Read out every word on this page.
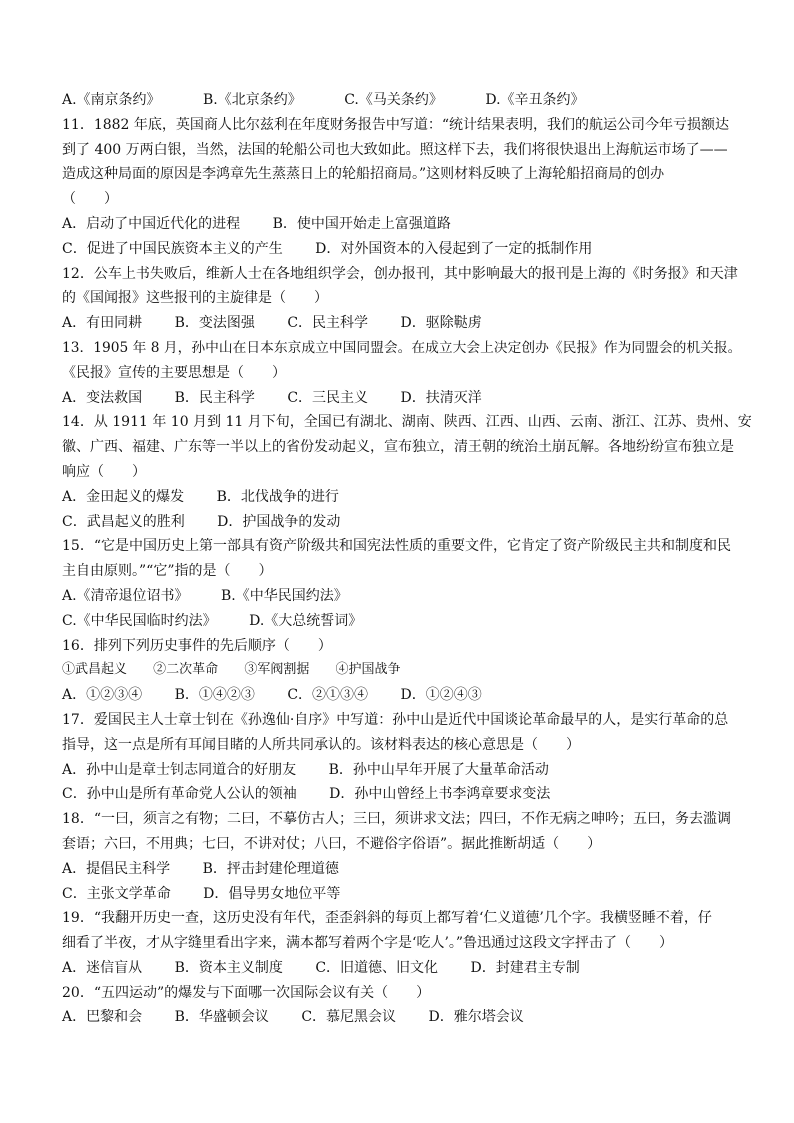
A.《南京条约》	B.《北京条约》	C.《马关条约》	D.《辛丑条约》
11．1882 年底，英国商人比尔兹利在年度财务报告中写道：“统计结果表明，我们的航运公司今年亏损额达
到了 400 万两白银，当然，法国的轮船公司也大致如此。照这样下去，我们将很快退出上海航运市场了——
造成这种局面的原因是李鸿章先生蒸蒸日上的轮船招商局。”这则材料反映了上海轮船招商局的创办
（　　）
A．启动了中国近代化的进程 B．使中国开始走上富强道路
C．促进了中国民族资本主义的产生 D．对外国资本的入侵起到了一定的抵制作用
12．公车上书失败后，维新人士在各地组织学会，创办报刊，其中影响最大的报刊是上海的《时务报》和天津
的《国闻报》这些报刊的主旋律是（　　）
A．有田同耕 B．变法图强 C．民主科学 D．驱除鞑虏
13．1905 年 8 月，孙中山在日本东京成立中国同盟会。在成立大会上决定创办《民报》作为同盟会的机关报。
《民报》宣传的主要思想是（　　）
A．变法救国 B．民主科学 C．三民主义 D．扶清灭洋
14．从 1911 年 10 月到 11 月下旬，全国已有湖北、湖南、陕西、江西、山西、云南、浙江、江苏、贵州、安
徽、广西、福建、广东等一半以上的省份发动起义，宣布独立，清王朝的统治土崩瓦解。各地纷纷宣布独立是
响应（　　）
A．金田起义的爆发 B．北伐战争的进行
C．武昌起义的胜利 D．护国战争的发动
15．“它是中国历史上第一部具有资产阶级共和国宪法性质的重要文件，它肯定了资产阶级民主共和制度和民
主自由原则。”“它”指的是（　　）
A.《清帝退位诏书》 B.《中华民国约法》
C.《中华民国临时约法》 D.《大总统誓词》
16．排列下列历史事件的先后顺序（　　）
①武昌起义 ②二次革命 ③军阀割据 ④护国战争
A．①②③④ B．①④②③ C．②①③④ D．①②④③
17．爱国民主人士章士钊在《孙逸仙·自序》中写道：孙中山是近代中国谈论革命最早的人，是实行革命的总
指导，这一点是所有耳闻目睹的人所共同承认的。该材料表达的核心意思是（　　）
A．孙中山是章士钊志同道合的好朋友 B．孙中山早年开展了大量革命活动
C．孙中山是所有革命党人公认的领袖 D．孙中山曾经上书李鸿章要求变法
18．“一曰，须言之有物；二曰，不摹仿古人；三曰，须讲求文法；四曰，不作无病之呻吟；五曰，务去滥调
套语；六曰，不用典；七曰，不讲对仗；八曰，不避俗字俗语”。据此推断胡适（　　）
A．提倡民主科学 B．抨击封建伦理道德
C．主张文学革命 D．倡导男女地位平等
19．“我翻开历史一查，这历史没有年代，歪歪斜斜的每页上都写着‘仁义道德’几个字。我横竖睡不着，仔
细看了半夜，才从字缝里看出字来，满本都写着两个字是‘吃人’。”鲁迅通过这段文字抨击了（　　）
A．迷信盲从 B．资本主义制度 C．旧道德、旧文化 D．封建君主专制
20．“五四运动”的爆发与下面哪一次国际会议有关（　　）
A．巴黎和会 B．华盛顿会议 C．慕尼黑会议 D．雅尔塔会议
